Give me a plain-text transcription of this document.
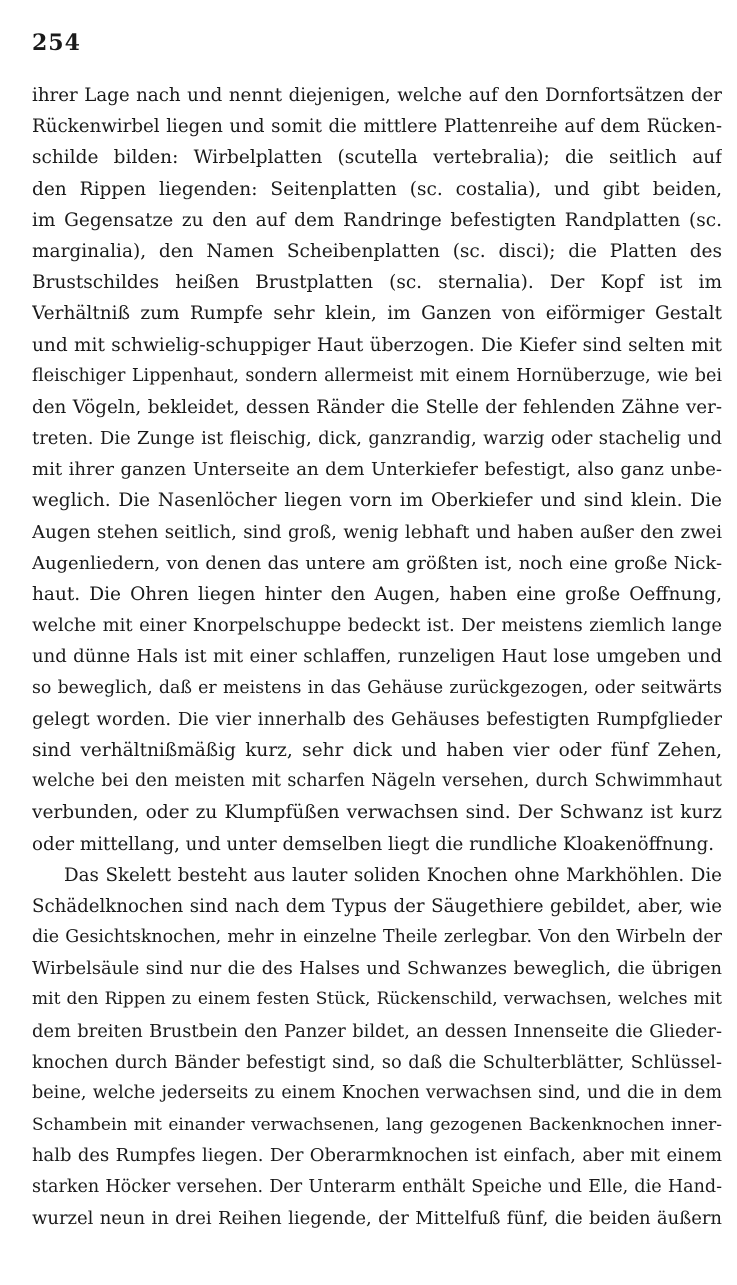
254
ihrer Lage nach und nennt diejenigen, welche auf den Dornfortsätzen der
Rückenwirbel liegen und somit die mittlere Plattenreihe auf dem Rücken-
schilde bilden: Wirbelplatten (scutella vertebralia); die seitlich auf
den Rippen liegenden: Seitenplatten (sc. costalia), und gibt beiden,
im Gegensatze zu den auf dem Randringe befestigten Randplatten (sc.
marginalia), den Namen Scheibenplatten (sc. disci); die Platten des
Brustschildes heißen Brustplatten (sc. sternalia). Der Kopf ist im
Verhältniß zum Rumpfe sehr klein, im Ganzen von eiförmiger Gestalt
und mit schwielig-schuppiger Haut überzogen. Die Kiefer sind selten mit
fleischiger Lippenhaut, sondern allermeist mit einem Hornüberzuge, wie bei
den Vögeln, bekleidet, dessen Ränder die Stelle der fehlenden Zähne ver-
treten. Die Zunge ist fleischig, dick, ganzrandig, warzig oder stachelig und
mit ihrer ganzen Unterseite an dem Unterkiefer befestigt, also ganz unbe-
weglich. Die Nasenlöcher liegen vorn im Oberkiefer und sind klein. Die
Augen stehen seitlich, sind groß, wenig lebhaft und haben außer den zwei
Augenliedern, von denen das untere am größten ist, noch eine große Nick-
haut. Die Ohren liegen hinter den Augen, haben eine große Oeffnung,
welche mit einer Knorpelschuppe bedeckt ist. Der meistens ziemlich lange
und dünne Hals ist mit einer schlaffen, runzeligen Haut lose umgeben und
so beweglich, daß er meistens in das Gehäuse zurückgezogen, oder seitwärts
gelegt worden. Die vier innerhalb des Gehäuses befestigten Rumpfglieder
sind verhältnißmäßig kurz, sehr dick und haben vier oder fünf Zehen,
welche bei den meisten mit scharfen Nägeln versehen, durch Schwimmhaut
verbunden, oder zu Klumpfüßen verwachsen sind. Der Schwanz ist kurz
oder mittellang, und unter demselben liegt die rundliche Kloakenöffnung.
Das Skelett besteht aus lauter soliden Knochen ohne Markhöhlen. Die
Schädelknochen sind nach dem Typus der Säugethiere gebildet, aber, wie
die Gesichtsknochen, mehr in einzelne Theile zerlegbar. Von den Wirbeln der
Wirbelsäule sind nur die des Halses und Schwanzes beweglich, die übrigen
mit den Rippen zu einem festen Stück, Rückenschild, verwachsen, welches mit
dem breiten Brustbein den Panzer bildet, an dessen Innenseite die Glieder-
knochen durch Bänder befestigt sind, so daß die Schulterblätter, Schlüssel-
beine, welche jederseits zu einem Knochen verwachsen sind, und die in dem
Schambein mit einander verwachsenen, lang gezogenen Backenknochen inner-
halb des Rumpfes liegen. Der Oberarmknochen ist einfach, aber mit einem
starken Höcker versehen. Der Unterarm enthält Speiche und Elle, die Hand-
wurzel neun in drei Reihen liegende, der Mittelfuß fünf, die beiden äußern
